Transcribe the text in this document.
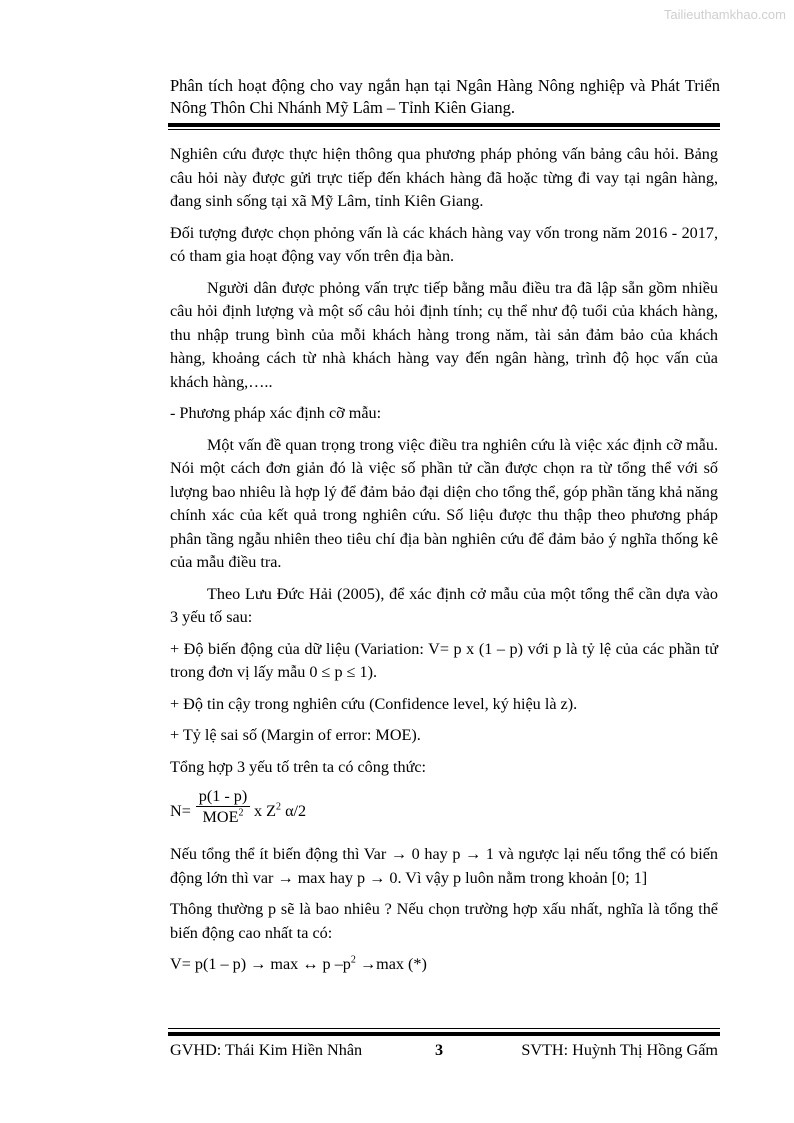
Tailieuthamkhao.com
Phân tích hoạt động cho vay ngắn hạn tại Ngân Hàng Nông nghiệp và Phát Triển Nông Thôn Chi Nhánh Mỹ Lâm – Tỉnh Kiên Giang.

Nghiên cứu được thực hiện thông qua phương pháp phỏng vấn bảng câu hỏi. Bảng câu hỏi này được gửi trực tiếp đến khách hàng đã hoặc từng đi vay tại ngân hàng, đang sinh sống tại xã Mỹ Lâm, tỉnh Kiên Giang.

Đối tượng được chọn phỏng vấn là các khách hàng vay vốn trong năm 2016 - 2017, có tham gia hoạt động vay vốn trên địa bàn.

Người dân được phỏng vấn trực tiếp bằng mẫu điều tra đã lập sẵn gồm nhiều câu hỏi định lượng và một số câu hỏi định tính; cụ thể như độ tuổi của khách hàng, thu nhập trung bình của mỗi khách hàng trong năm, tài sản đảm bảo của khách hàng, khoảng cách từ nhà khách hàng vay đến ngân hàng, trình độ học vấn của khách hàng,…..

- Phương pháp xác định cỡ mẫu:

Một vấn đề quan trọng trong việc điều tra nghiên cứu là việc xác định cỡ mẫu. Nói một cách đơn giản đó là việc số phần tử cần được chọn ra từ tổng thể với số lượng bao nhiêu là hợp lý để đảm bảo đại diện cho tổng thể, góp phần tăng khả năng chính xác của kết quả trong nghiên cứu. Số liệu được thu thập theo phương pháp phân tầng ngẫu nhiên theo tiêu chí địa bàn nghiên cứu để đảm bảo ý nghĩa thống kê của mẫu điều tra.

Theo Lưu Đức Hải (2005), để xác định cở mẫu của một tổng thể cần dựa vào 3 yếu tố sau:

+ Độ biến động của dữ liệu (Variation: V= p x (1 – p) với p là tỷ lệ của các phần tử trong đơn vị lấy mẫu 0 ≤ p ≤ 1).

+ Độ tin cậy trong nghiên cứu (Confidence level, ký hiệu là z).

+ Tỷ lệ sai số (Margin of error: MOE).

Tổng hợp 3 yếu tố trên ta có công thức:

N=
p(1 - p)
MOE$^2$ x $Z^2$ α/2

Nếu tổng thể ít biến động thì Var → 0 hay p → 1 và ngược lại nếu tổng thể có biến động lớn thì var → max hay p → 0. Vì vậy p luôn nằm trong khoản [0; 1]

Thông thường p sẽ là bao nhiêu ? Nếu chọn trường hợp xấu nhất, nghĩa là tổng thể biến động cao nhất ta có:

V= p(1 – p) → max ↔ p $-p^2 \to\max$ (*)

GVHD: Thái Kim Hiền Nhân	3	SVTH: Huỳnh Thị Hồng Gấm
